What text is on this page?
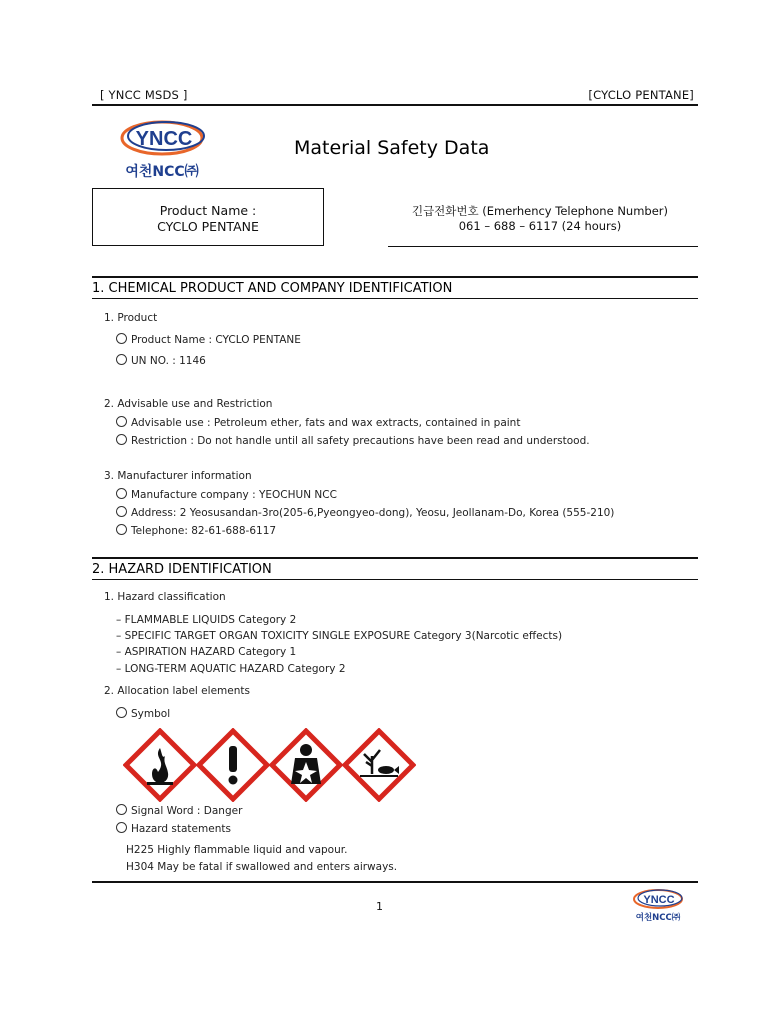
[ YNCC MSDS ]	[CYCLO PENTANE]
YNCC
여천NCC㈜
Material Safety Data
Product Name :
CYCLO PENTANE
긴급전화번호 (Emerhency Telephone Number)
061 – 688 – 6117 (24 hours)
1. CHEMICAL PRODUCT AND COMPANY IDENTIFICATION
1. Product
Product Name : CYCLO PENTANE
UN NO. : 1146
2. Advisable use and Restriction
Advisable use : Petroleum ether, fats and wax extracts, contained in paint
Restriction : Do not handle until all safety precautions have been read and understood.
3. Manufacturer information
Manufacture company : YEOCHUN NCC
Address: 2 Yeosusandan-3ro(205-6,Pyeongyeo-dong), Yeosu, Jeollanam-Do, Korea (555-210)
Telephone: 82-61-688-6117
2. HAZARD IDENTIFICATION
1. Hazard classification
– FLAMMABLE LIQUIDS Category 2
– SPECIFIC TARGET ORGAN TOXICITY SINGLE EXPOSURE Category 3(Narcotic effects)
– ASPIRATION HAZARD Category 1
– LONG-TERM AQUATIC HAZARD Category 2
2. Allocation label elements
Symbol
Signal Word : Danger
Hazard statements
H225 Highly flammable liquid and vapour.
H304 May be fatal if swallowed and enters airways.
1	YNCC
여천NCC㈜
